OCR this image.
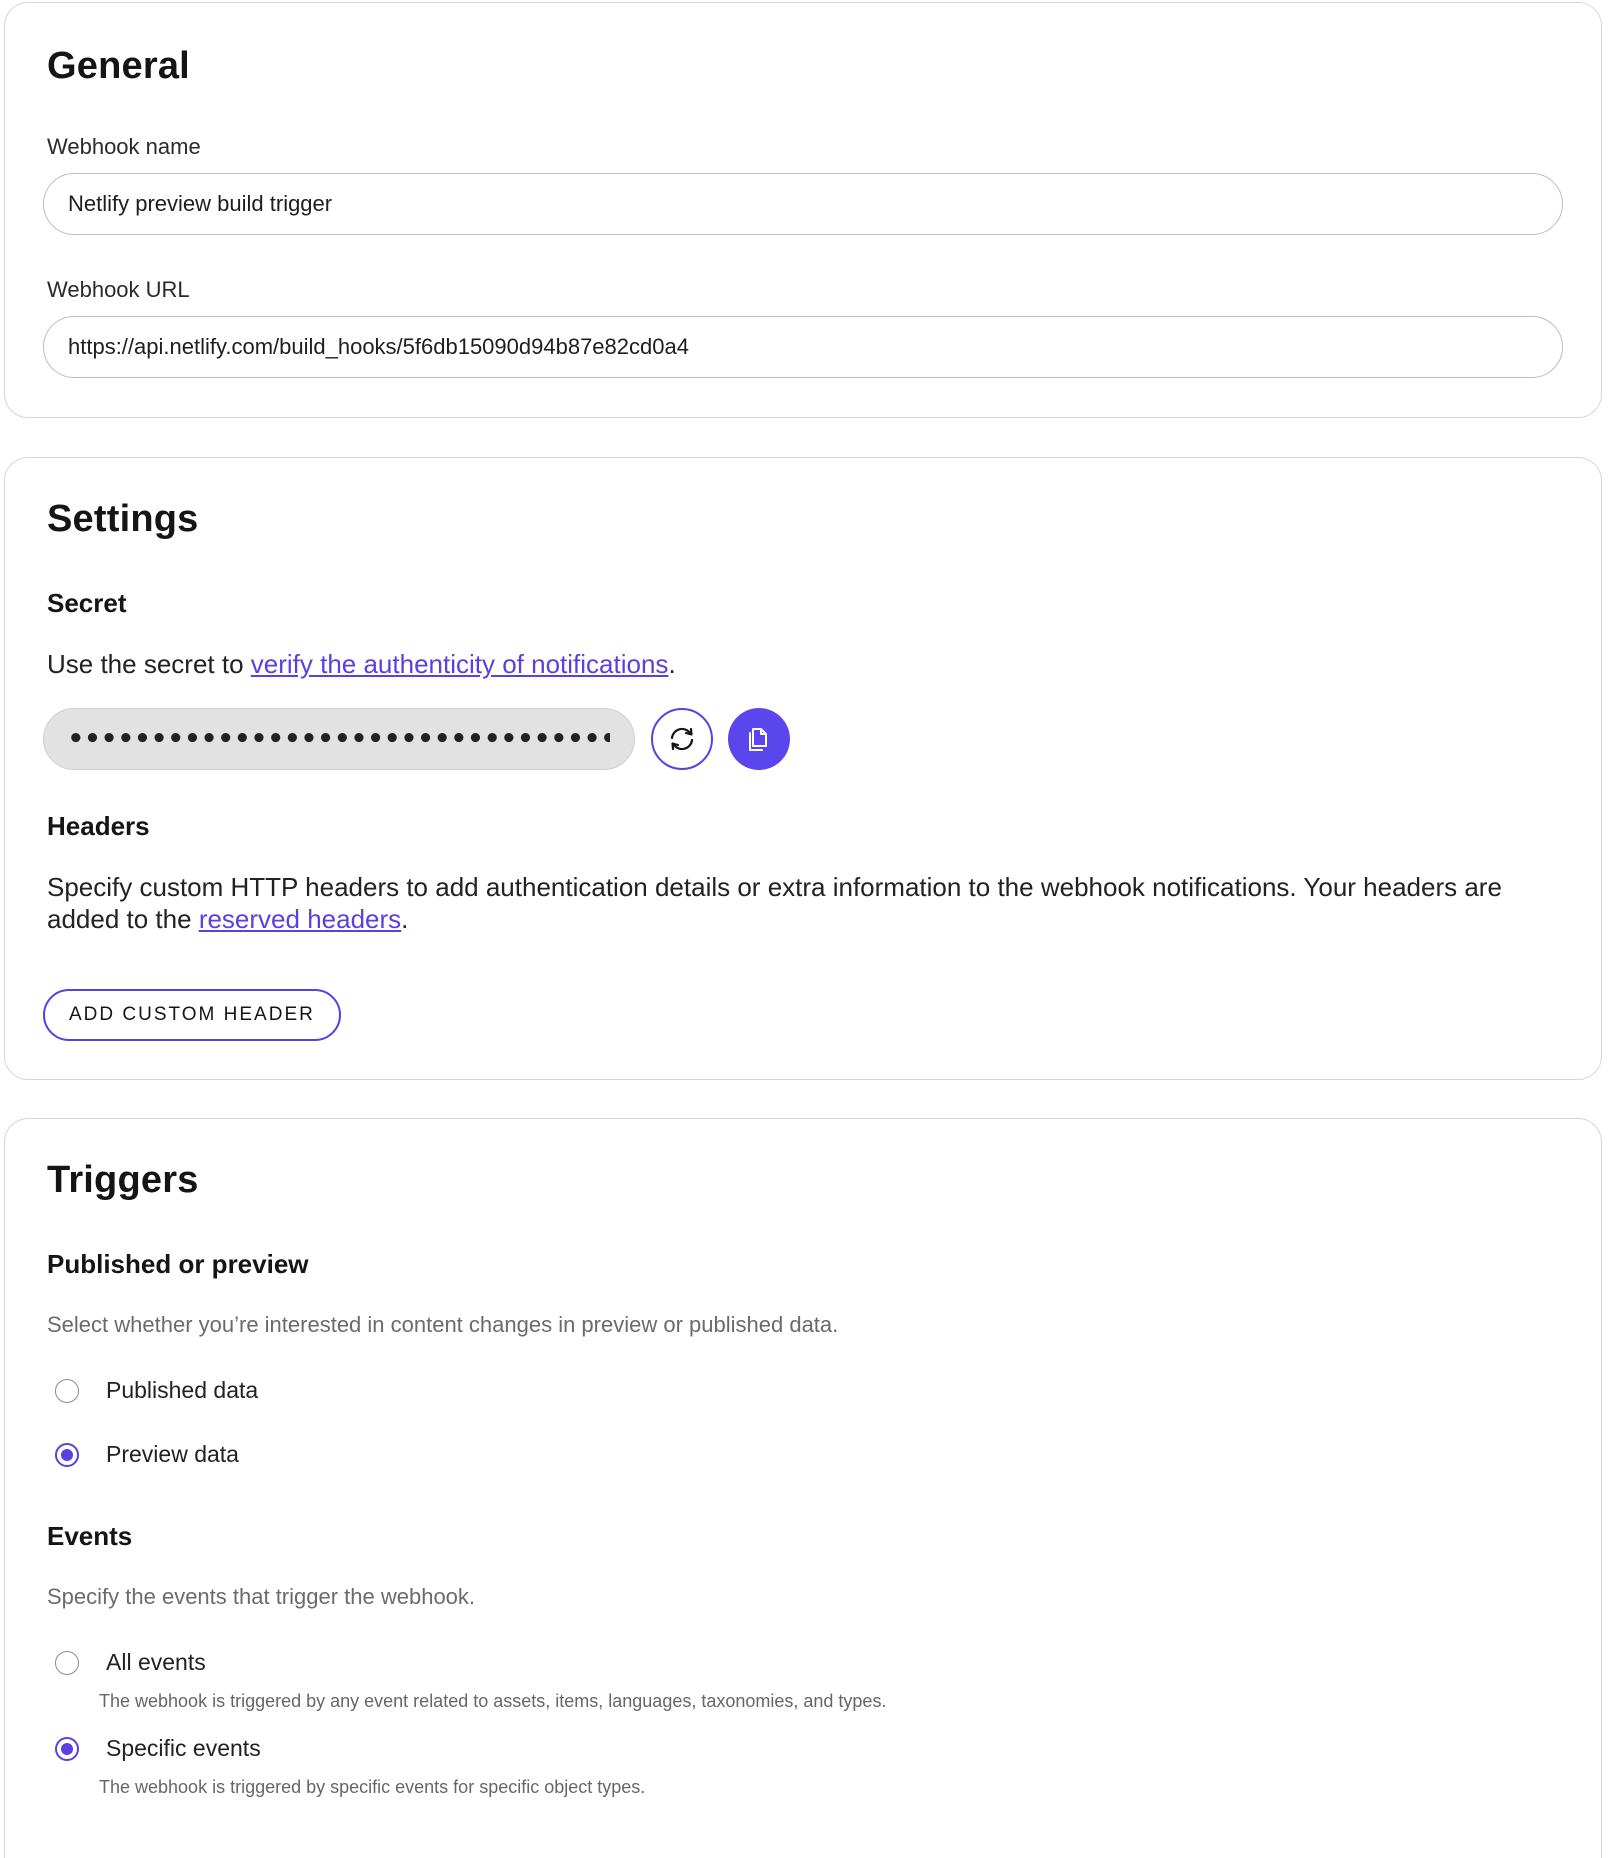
General
Webhook name
Netlify preview build trigger
Webhook URL
https://api.netlify.com/build_hooks/5f6db15090d94b87e82cd0a4
Settings
Secret
Use the secret to verify the authenticity of notifications.
••••••••••••••••••••••••••••••••••••••••
Headers
Specify custom HTTP headers to add authentication details or extra information to the webhook notifications. Your headers are added to the reserved headers.
ADD CUSTOM HEADER
Triggers
Published or preview
Select whether you’re interested in content changes in preview or published data.
Published data
Preview data
Events
Specify the events that trigger the webhook.
All events
The webhook is triggered by any event related to assets, items, languages, taxonomies, and types.
Specific events
The webhook is triggered by specific events for specific object types.
